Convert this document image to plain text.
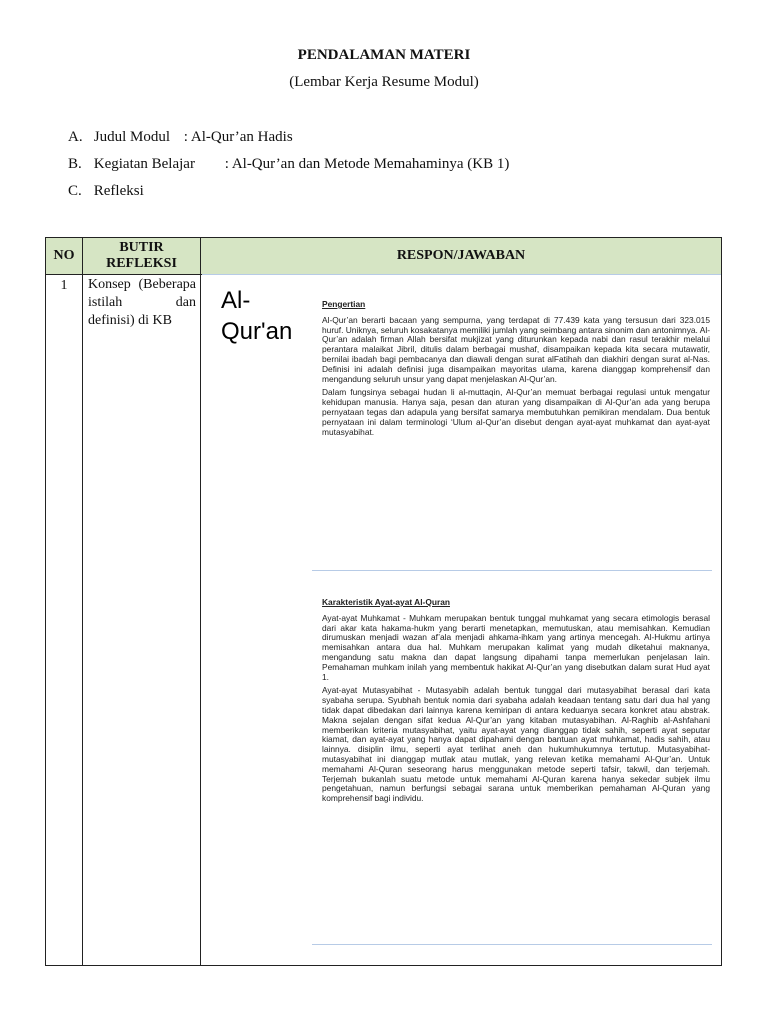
PENDALAMAN MATERI
(Lembar Kerja Resume Modul)
A. Judul Modul : Al-Qur’an Hadis
B. Kegiatan Belajar : Al-Qur’an dan Metode Memahaminya (KB 1)
C. Refleksi
NO
BUTIR REFLEKSI
RESPON/JAWABAN
1	Konsep (Beberapa istilah dan definisi) di KB
Al-
Qur'an
Pengertian

Al-Qur’an berarti bacaan yang sempurna, yang terdapat di 77.439 kata yang tersusun dari 323.015 huruf. Uniknya, seluruh kosakatanya memiliki jumlah yang seimbang antara sinonim dan antonimnya. Al-Qur’an adalah firman Allah bersifat mukjizat yang diturunkan kepada nabi dan rasul terakhir melalui perantara malaikat Jibril, ditulis dalam berbagai mushaf, disampaikan kepada kita secara mutawatir, bernilai ibadah bagi pembacanya dan diawali dengan surat alFatihah dan diakhiri dengan surat al-Nas. Definisi ini adalah definisi juga disampaikan mayoritas ulama, karena dianggap komprehensif dan mengandung seluruh unsur yang dapat menjelaskan Al-Qur’an.

Dalam fungsinya sebagai hudan li al-muttaqin, Al-Qur’an memuat berbagai regulasi untuk mengatur kehidupan manusia. Hanya saja, pesan dan aturan yang disampaikan di Al-Qur’an ada yang berupa pernyataan tegas dan adapula yang bersifat samarya membutuhkan pemikiran mendalam. Dua bentuk pernyataan ini dalam terminologi ‘Ulum al-Qur’an disebut dengan ayat-ayat muhkamat dan ayat-ayat mutasyabihat.

Karakteristik Ayat-ayat Al-Quran

Ayat-ayat Muhkamat - Muhkam merupakan bentuk tunggal muhkamat yang secara etimologis berasal dari akar kata hakama-hukm yang berarti menetapkan, memutuskan, atau memisahkan. Kemudian dirumuskan menjadi wazan af’ala menjadi ahkama-ihkam yang artinya mencegah. Al-Hukmu artinya memisahkan antara dua hal. Muhkam merupakan kalimat yang mudah diketahui maknanya, mengandung satu makna dan dapat langsung dipahami tanpa memerlukan penjelasan lain. Pemahaman muhkam inilah yang membentuk hakikat Al-Qur’an yang disebutkan dalam surat Hud ayat 1.

Ayat-ayat Mutasyabihat - Mutasyabih adalah bentuk tunggal dari mutasyabihat berasal dari kata syabaha serupa. Syubhah bentuk nomia dari syabaha adalah keadaan tentang satu dari dua hal yang tidak dapat dibedakan dari lainnya karena kemiripan di antara keduanya secara konkret atau abstrak. Makna sejalan dengan sifat kedua Al-Qur’an yang kitaban mutasyabihan. Al-Raghib al-Ashfahani memberikan kriteria mutasyabihat, yaitu ayat-ayat yang dianggap tidak sahih, seperti ayat seputar kiamat, dan ayat-ayat yang hanya dapat dipahami dengan bantuan ayat muhkamat, hadis sahih, atau lainnya. disiplin ilmu, seperti ayat terlihat aneh dan hukumhukumnya tertutup. Mutasyabihat-mutasyabihat ini dianggap mutlak atau mutlak, yang relevan ketika memahami Al-Qur’an. Untuk memahami Al-Quran seseorang harus menggunakan metode seperti tafsir, takwil, dan terjemah. Terjemah bukanlah suatu metode untuk memahami Al-Quran karena hanya sekedar subjek ilmu pengetahuan, namun berfungsi sebagai sarana untuk memberikan pemahaman Al-Quran yang komprehensif bagi individu.
